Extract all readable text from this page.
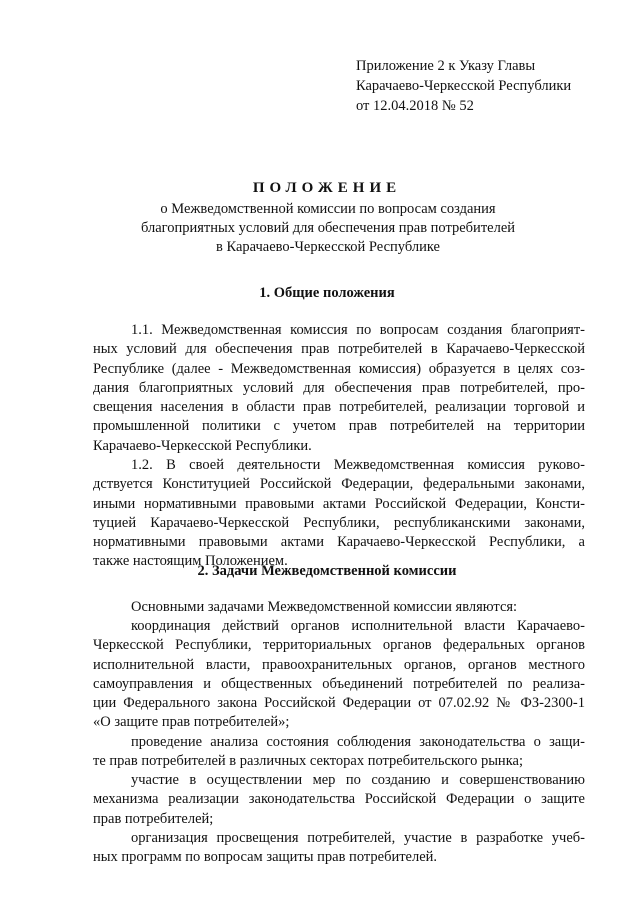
Приложение 2 к Указу Главы
Карачаево-Черкесской Республики
от 12.04.2018 № 52
ПОЛОЖЕНИЕ
о Межведомственной комиссии по вопросам создания
благоприятных условий для обеспечения прав потребителей
в Карачаево-Черкесской Республике
1. Общие положения
1.1. Межведомственная комиссия по вопросам создания благоприят-
ных условий для обеспечения прав потребителей в Карачаево-Черкесской
Республике (далее - Межведомственная комиссия) образуется в целях соз-
дания благоприятных условий для обеспечения прав потребителей, про-
свещения населения в области прав потребителей, реализации торговой и
промышленной политики с учетом прав потребителей на территории
Карачаево-Черкесской Республики.
1.2. В своей деятельности Межведомственная комиссия руково-
дствуется Конституцией Российской Федерации, федеральными законами,
иными нормативными правовыми актами Российской Федерации, Консти-
туцией Карачаево-Черкесской Республики, республиканскими законами,
нормативными правовыми актами Карачаево-Черкесской Республики, а
также настоящим Положением.
2. Задачи Межведомственной комиссии
Основными задачами Межведомственной комиссии являются:
координация действий органов исполнительной власти Карачаево-
Черкесской Республики, территориальных органов федеральных органов
исполнительной власти, правоохранительных органов, органов местного
самоуправления и общественных объединений потребителей по реализа-
ции Федерального закона Российской Федерации от 07.02.92 № ФЗ-2300-1
«О защите прав потребителей»;
проведение анализа состояния соблюдения законодательства о защи-
те прав потребителей в различных секторах потребительского рынка;
участие в осуществлении мер по созданию и совершенствованию
механизма реализации законодательства Российской Федерации о защите
прав потребителей;
организация просвещения потребителей, участие в разработке учеб-
ных программ по вопросам защиты прав потребителей.
